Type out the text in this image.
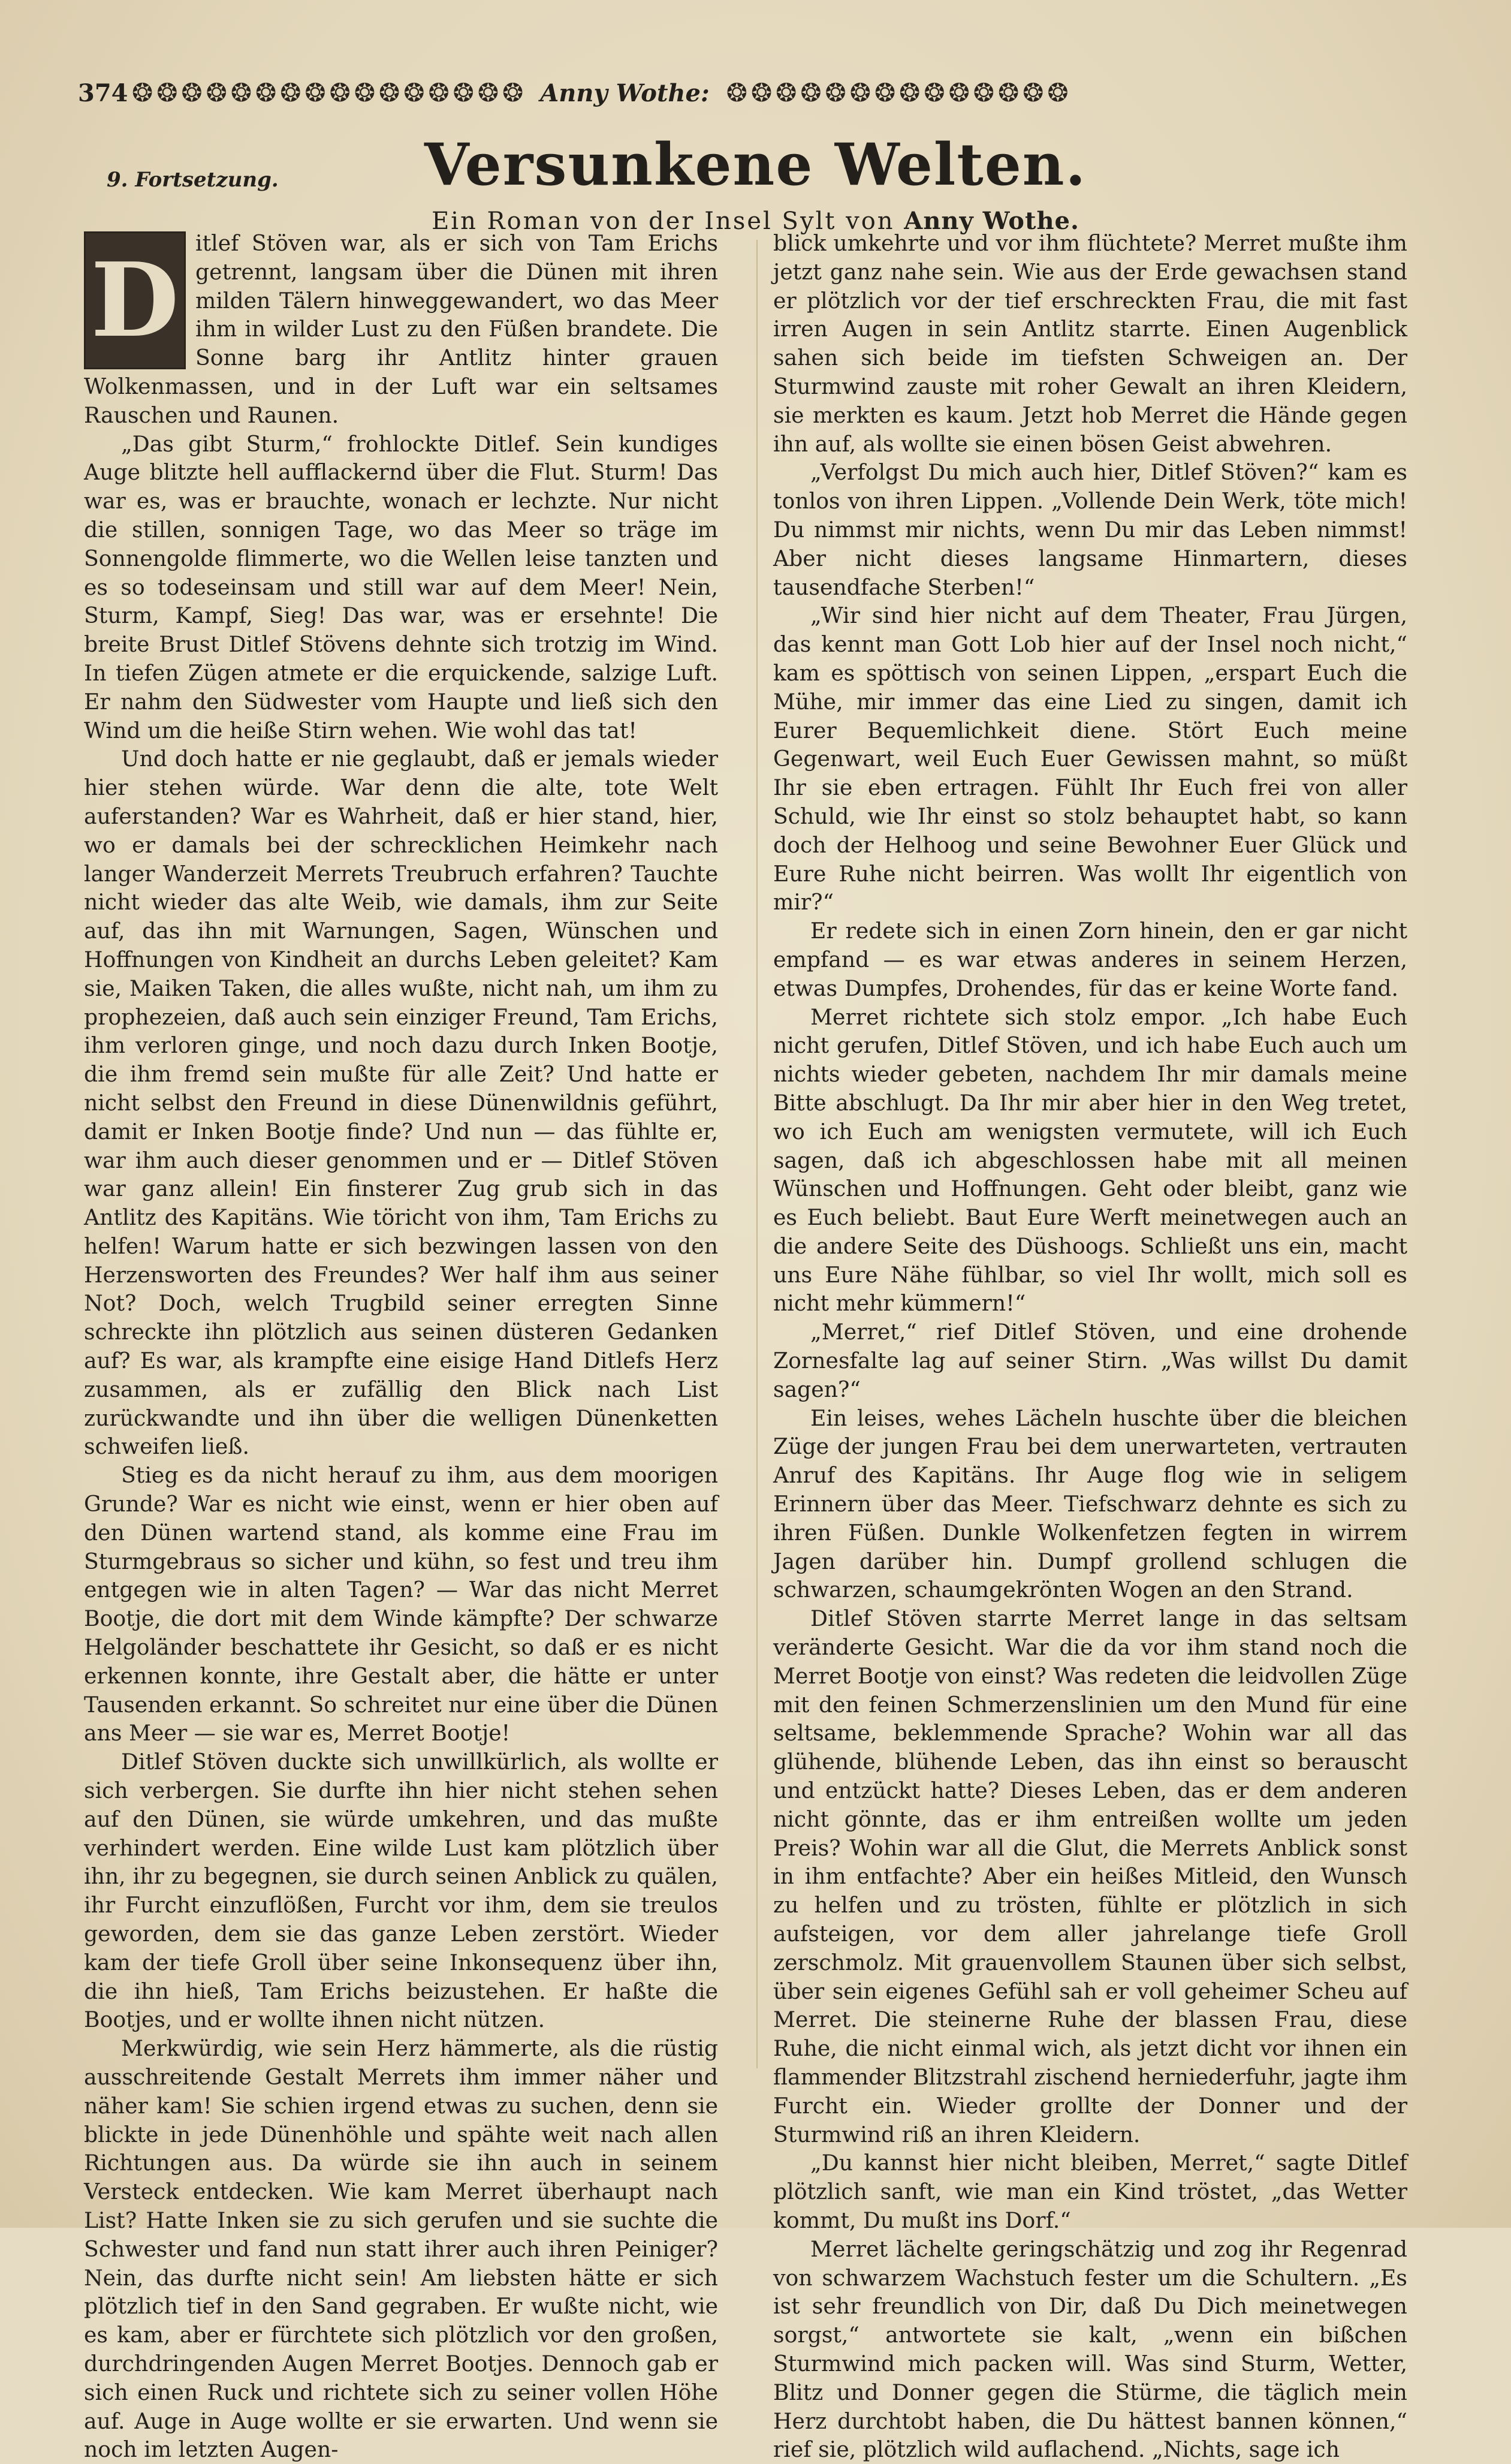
374 ❂ ❂ ❂ ❂ ❂ ❂ ❂ ❂ ❂ ❂ ❂ ❂ ❂ ❂ ❂ ❂ Anny Wothe: ❂ ❂ ❂ ❂ ❂ ❂ ❂ ❂ ❂ ❂ ❂ ❂ ❂ ❂
9. Fortsetzung.	Versunkene Welten.
Ein Roman von der Insel Sylt von Anny Wothe.

D itlef Stöven war, als er sich von Tam Erichs getrennt, langsam über die Dünen mit ihren milden Tälern hinweggewandert, wo das Meer ihm in wilder Lust zu den Füßen brandete. Die Sonne barg ihr Antlitz hinter grauen Wolkenmassen, und in der Luft war ein seltsames Rauschen und Raunen.

„Das gibt Sturm,“ frohlockte Ditlef. Sein kundiges Auge blitzte hell aufflackernd über die Flut. Sturm! Das war es, was er brauchte, wonach er lechzte. Nur nicht die stillen, sonnigen Tage, wo das Meer so träge im Sonnengolde flimmerte, wo die Wellen leise tanzten und es so todeseinsam und still war auf dem Meer! Nein, Sturm, Kampf, Sieg! Das war, was er ersehnte! Die breite Brust Ditlef Stövens dehnte sich trotzig im Wind. In tiefen Zügen atmete er die erquickende, salzige Luft. Er nahm den Südwester vom Haupte und ließ sich den Wind um die heiße Stirn wehen. Wie wohl das tat!

Und doch hatte er nie geglaubt, daß er jemals wieder hier stehen würde. War denn die alte, tote Welt auferstanden? War es Wahrheit, daß er hier stand, hier, wo er damals bei der schrecklichen Heimkehr nach langer Wanderzeit Merrets Treubruch erfahren? Tauchte nicht wieder das alte Weib, wie damals, ihm zur Seite auf, das ihn mit Warnungen, Sagen, Wünschen und Hoffnungen von Kindheit an durchs Leben geleitet? Kam sie, Maiken Taken, die alles wußte, nicht nah, um ihm zu prophezeien, daß auch sein einziger Freund, Tam Erichs, ihm verloren ginge, und noch dazu durch Inken Bootje, die ihm fremd sein mußte für alle Zeit? Und hatte er nicht selbst den Freund in diese Dünenwildnis geführt, damit er Inken Bootje finde? Und nun — das fühlte er, war ihm auch dieser genommen und er — Ditlef Stöven war ganz allein! Ein finsterer Zug grub sich in das Antlitz des Kapitäns. Wie töricht von ihm, Tam Erichs zu helfen! Warum hatte er sich bezwingen lassen von den Herzensworten des Freundes? Wer half ihm aus seiner Not? Doch, welch Trugbild seiner erregten Sinne schreckte ihn plötzlich aus seinen düsteren Gedanken auf? Es war, als krampfte eine eisige Hand Ditlefs Herz zusammen, als er zufällig den Blick nach List zurückwandte und ihn über die welligen Dünenketten schweifen ließ.

Stieg es da nicht herauf zu ihm, aus dem moorigen Grunde? War es nicht wie einst, wenn er hier oben auf den Dünen wartend stand, als komme eine Frau im Sturmgebraus so sicher und kühn, so fest und treu ihm entgegen wie in alten Tagen? — War das nicht Merret Bootje, die dort mit dem Winde kämpfte? Der schwarze Helgoländer beschattete ihr Gesicht, so daß er es nicht erkennen konnte, ihre Gestalt aber, die hätte er unter Tausenden erkannt. So schreitet nur eine über die Dünen ans Meer — sie war es, Merret Bootje!

Ditlef Stöven duckte sich unwillkürlich, als wollte er sich verbergen. Sie durfte ihn hier nicht stehen sehen auf den Dünen, sie würde umkehren, und das mußte verhindert werden. Eine wilde Lust kam plötzlich über ihn, ihr zu begegnen, sie durch seinen Anblick zu quälen, ihr Furcht einzuflößen, Furcht vor ihm, dem sie treulos geworden, dem sie das ganze Leben zerstört. Wieder kam der tiefe Groll über seine Inkonsequenz über ihn, die ihn hieß, Tam Erichs beizustehen. Er haßte die Bootjes, und er wollte ihnen nicht nützen.

Merkwürdig, wie sein Herz hämmerte, als die rüstig ausschreitende Gestalt Merrets ihm immer näher und näher kam! Sie schien irgend etwas zu suchen, denn sie blickte in jede Dünenhöhle und spähte weit nach allen Richtungen aus. Da würde sie ihn auch in seinem Versteck entdecken. Wie kam Merret überhaupt nach List? Hatte Inken sie zu sich gerufen und sie suchte die Schwester und fand nun statt ihrer auch ihren Peiniger? Nein, das durfte nicht sein! Am liebsten hätte er sich plötzlich tief in den Sand gegraben. Er wußte nicht, wie es kam, aber er fürchtete sich plötzlich vor den großen, durchdringenden Augen Merret Bootjes. Dennoch gab er sich einen Ruck und richtete sich zu seiner vollen Höhe auf. Auge in Auge wollte er sie erwarten. Und wenn sie noch im letzten Augen-

blick umkehrte und vor ihm flüchtete? Merret mußte ihm jetzt ganz nahe sein. Wie aus der Erde gewachsen stand er plötzlich vor der tief erschreckten Frau, die mit fast irren Augen in sein Antlitz starrte. Einen Augenblick sahen sich beide im tiefsten Schweigen an. Der Sturmwind zauste mit roher Gewalt an ihren Kleidern, sie merkten es kaum. Jetzt hob Merret die Hände gegen ihn auf, als wollte sie einen bösen Geist abwehren.

„Verfolgst Du mich auch hier, Ditlef Stöven?“ kam es tonlos von ihren Lippen. „Vollende Dein Werk, töte mich! Du nimmst mir nichts, wenn Du mir das Leben nimmst! Aber nicht dieses langsame Hinmartern, dieses tausendfache Sterben!“

„Wir sind hier nicht auf dem Theater, Frau Jürgen, das kennt man Gott Lob hier auf der Insel noch nicht,“ kam es spöttisch von seinen Lippen, „erspart Euch die Mühe, mir immer das eine Lied zu singen, damit ich Eurer Bequemlichkeit diene. Stört Euch meine Gegenwart, weil Euch Euer Gewissen mahnt, so müßt Ihr sie eben ertragen. Fühlt Ihr Euch frei von aller Schuld, wie Ihr einst so stolz behauptet habt, so kann doch der Helhoog und seine Bewohner Euer Glück und Eure Ruhe nicht beirren. Was wollt Ihr eigentlich von mir?“

Er redete sich in einen Zorn hinein, den er gar nicht empfand — es war etwas anderes in seinem Herzen, etwas Dumpfes, Drohendes, für das er keine Worte fand.

Merret richtete sich stolz empor. „Ich habe Euch nicht gerufen, Ditlef Stöven, und ich habe Euch auch um nichts wieder gebeten, nachdem Ihr mir damals meine Bitte abschlugt. Da Ihr mir aber hier in den Weg tretet, wo ich Euch am wenigsten vermutete, will ich Euch sagen, daß ich abgeschlossen habe mit all meinen Wünschen und Hoffnungen. Geht oder bleibt, ganz wie es Euch beliebt. Baut Eure Werft meinetwegen auch an die andere Seite des Düshoogs. Schließt uns ein, macht uns Eure Nähe fühlbar, so viel Ihr wollt, mich soll es nicht mehr kümmern!“

„Merret,“ rief Ditlef Stöven, und eine drohende Zornesfalte lag auf seiner Stirn. „Was willst Du damit sagen?“

Ein leises, wehes Lächeln huschte über die bleichen Züge der jungen Frau bei dem unerwarteten, vertrauten Anruf des Kapitäns. Ihr Auge flog wie in seligem Erinnern über das Meer. Tiefschwarz dehnte es sich zu ihren Füßen. Dunkle Wolkenfetzen fegten in wirrem Jagen darüber hin. Dumpf grollend schlugen die schwarzen, schaumgekrönten Wogen an den Strand.

Ditlef Stöven starrte Merret lange in das seltsam veränderte Gesicht. War die da vor ihm stand noch die Merret Bootje von einst? Was redeten die leidvollen Züge mit den feinen Schmerzenslinien um den Mund für eine seltsame, beklemmende Sprache? Wohin war all das glühende, blühende Leben, das ihn einst so berauscht und entzückt hatte? Dieses Leben, das er dem anderen nicht gönnte, das er ihm entreißen wollte um jeden Preis? Wohin war all die Glut, die Merrets Anblick sonst in ihm entfachte? Aber ein heißes Mitleid, den Wunsch zu helfen und zu trösten, fühlte er plötzlich in sich aufsteigen, vor dem aller jahrelange tiefe Groll zerschmolz. Mit grauenvollem Staunen über sich selbst, über sein eigenes Gefühl sah er voll geheimer Scheu auf Merret. Die steinerne Ruhe der blassen Frau, diese Ruhe, die nicht einmal wich, als jetzt dicht vor ihnen ein flammender Blitzstrahl zischend herniederfuhr, jagte ihm Furcht ein. Wieder grollte der Donner und der Sturmwind riß an ihren Kleidern.

„Du kannst hier nicht bleiben, Merret,“ sagte Ditlef plötzlich sanft, wie man ein Kind tröstet, „das Wetter kommt, Du mußt ins Dorf.“

Merret lächelte geringschätzig und zog ihr Regenrad von schwarzem Wachstuch fester um die Schultern. „Es ist sehr freundlich von Dir, daß Du Dich meinetwegen sorgst,“ antwortete sie kalt, „wenn ein bißchen Sturmwind mich packen will. Was sind Sturm, Wetter, Blitz und Donner gegen die Stürme, die täglich mein Herz durchtobt haben, die Du hättest bannen können,“ rief sie, plötzlich wild auflachend. „Nichts, sage ich
